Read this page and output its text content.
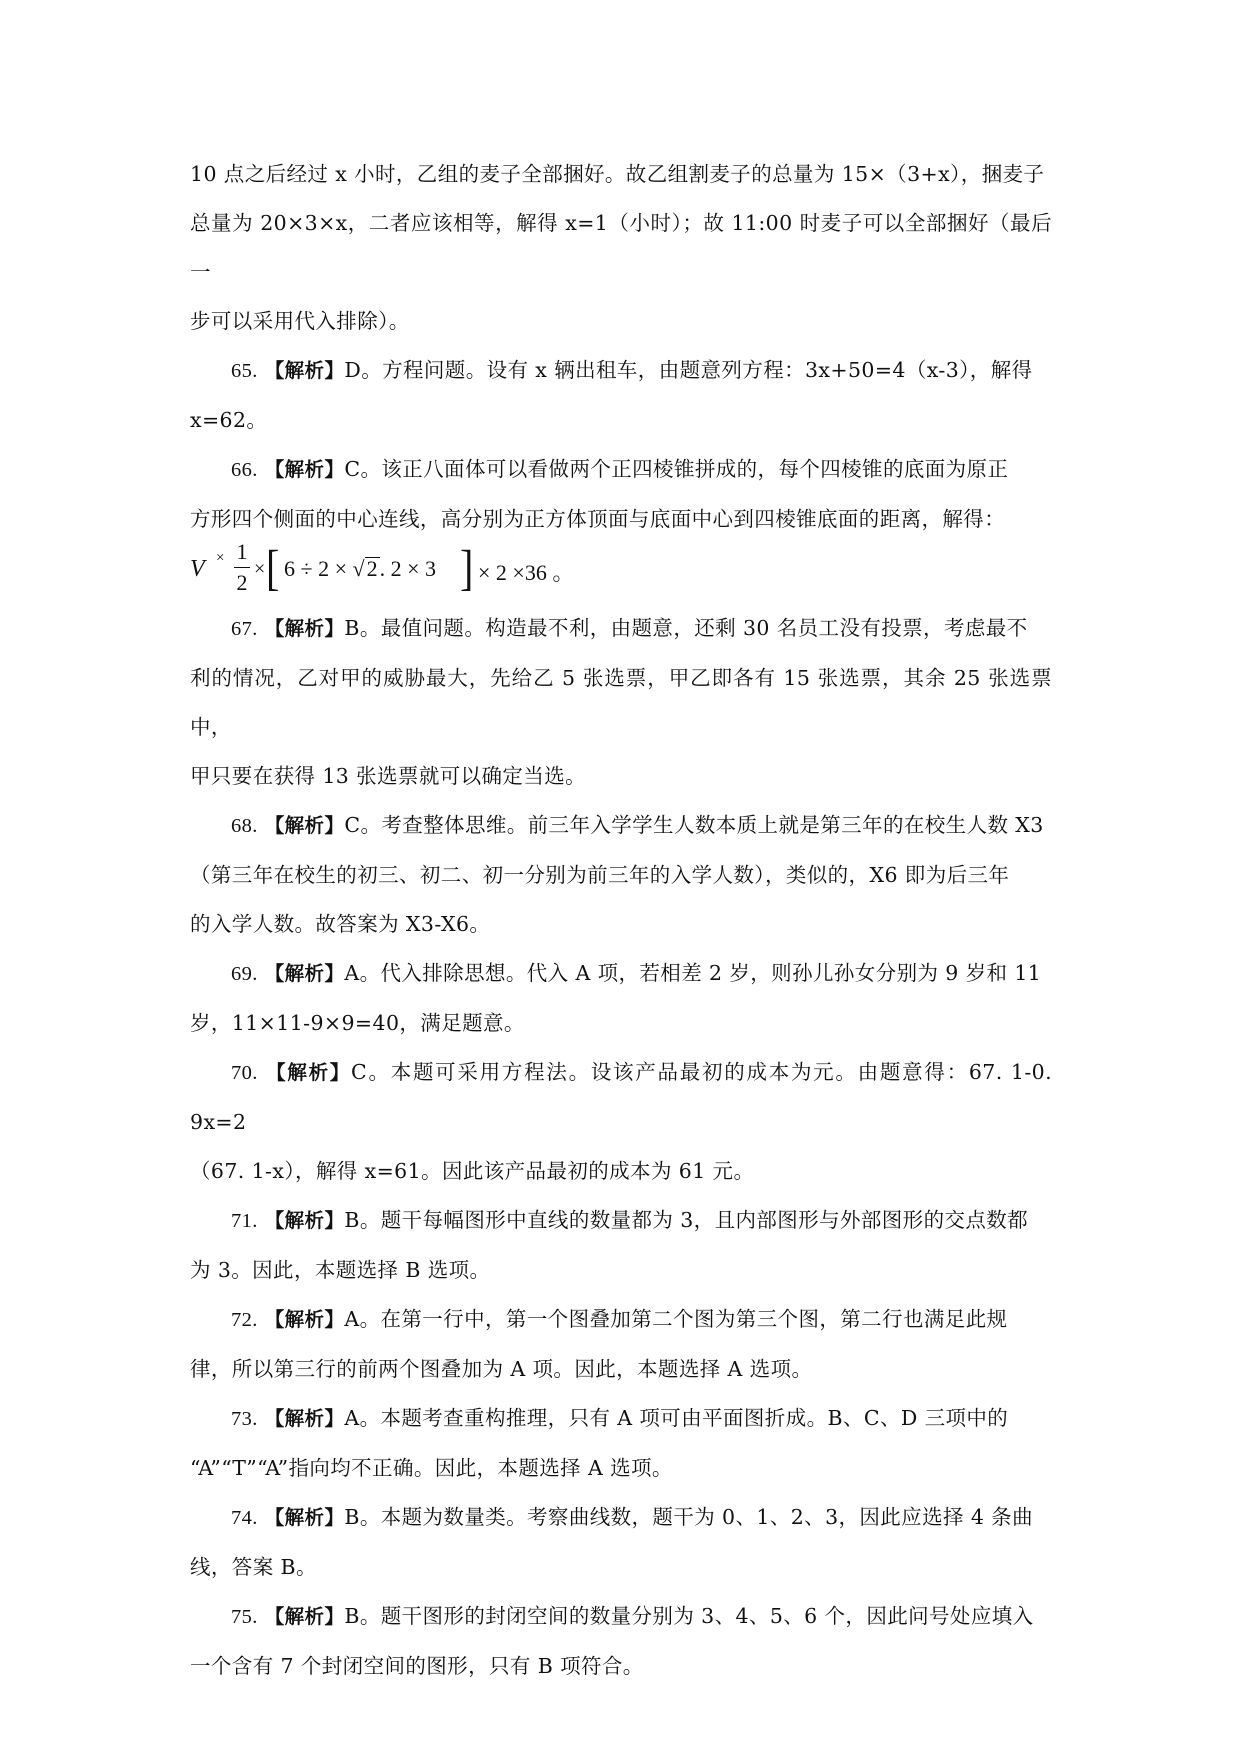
10 点之后经过 x 小时，乙组的麦子全部捆好。故乙组割麦子的总量为 15×（3+x），捆麦子
总量为 20×3×x，二者应该相等，解得 x=1（小时）；故 11:00 时麦子可以全部捆好（最后一
步可以采用代入排除）。
65. 【解析】D。方程问题。设有 x 辆出租车，由题意列方程：3x+50=4（x-3），解得
x=62。
66. 【解析】C。该正八面体可以看做两个正四棱锥拼成的，每个四棱锥的底面为原正
方形四个侧面的中心连线，高分别为正方体顶面与底面中心到四棱锥底面的距离，解得：
V × 1
2
× [ 6 ÷ 2 × √2. 2 × 3 ] × 2 ×36 。
67. 【解析】B。最值问题。构造最不利，由题意，还剩 30 名员工没有投票，考虑最不
利的情况，乙对甲的威胁最大，先给乙 5 张选票，甲乙即各有 15 张选票，其余 25 张选票中，
甲只要在获得 13 张选票就可以确定当选。
68. 【解析】C。考查整体思维。前三年入学学生人数本质上就是第三年的在校生人数 X3
（第三年在校生的初三、初二、初一分别为前三年的入学人数），类似的，X6 即为后三年
的入学人数。故答案为 X3-X6。
69. 【解析】A。代入排除思想。代入 A 项，若相差 2 岁，则孙儿孙女分别为 9 岁和 11
岁，11×11-9×9=40，满足题意。
70. 【解析】C。本题可采用方程法。设该产品最初的成本为元。由题意得：67. 1-0. 9x=2
（67. 1-x），解得 x=61。因此该产品最初的成本为 61 元。
71. 【解析】B。题干每幅图形中直线的数量都为 3，且内部图形与外部图形的交点数都
为 3。因此，本题选择 B 选项。
72. 【解析】A。在第一行中，第一个图叠加第二个图为第三个图，第二行也满足此规
律，所以第三行的前两个图叠加为 A 项。因此，本题选择 A 选项。
73. 【解析】A。本题考查重构推理，只有 A 项可由平面图折成。B、C、D 三项中的
“A”“T”“A”指向均不正确。因此，本题选择 A 选项。
74. 【解析】B。本题为数量类。考察曲线数，题干为 0、1、2、3，因此应选择 4 条曲
线，答案 B。
75. 【解析】B。题干图形的封闭空间的数量分别为 3、4、5、6 个，因此问号处应填入
一个含有 7 个封闭空间的图形，只有 B 项符合。
